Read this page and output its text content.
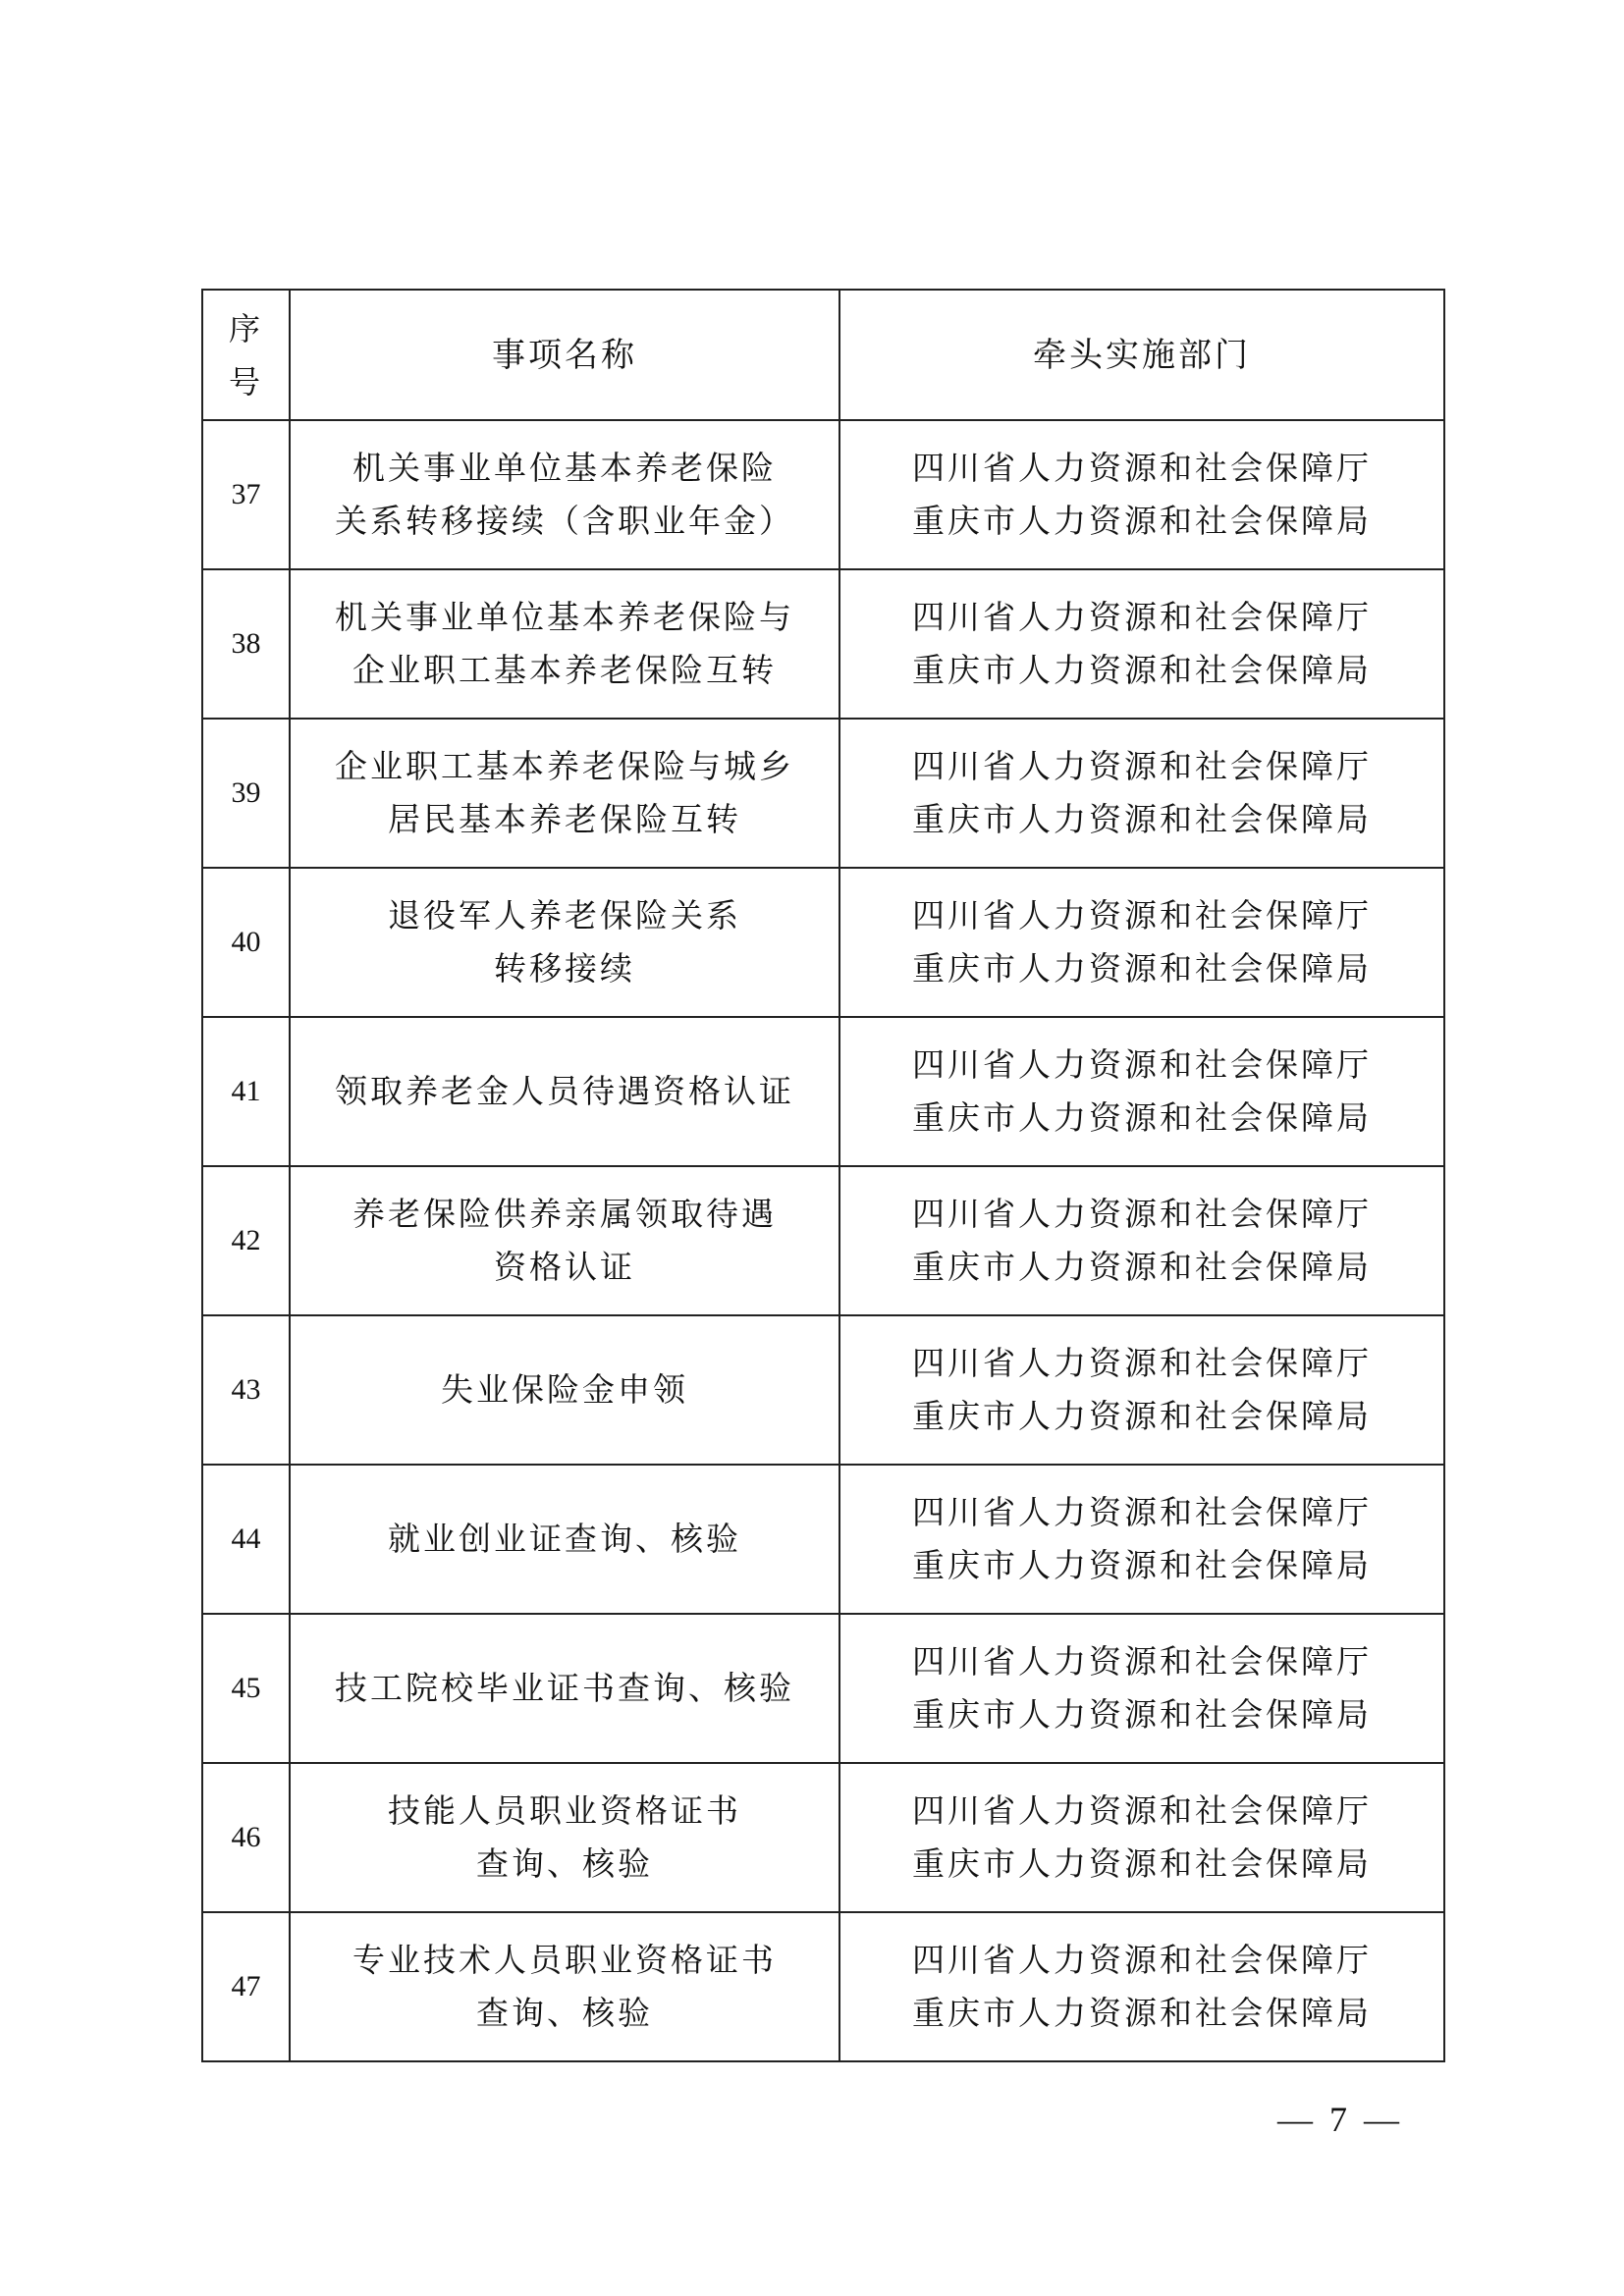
序
号	事项名称	牵头实施部门
37	机关事业单位基本养老保险
关系转移接续（含职业年金）	四川省人力资源和社会保障厅
重庆市人力资源和社会保障局

38	机关事业单位基本养老保险与
企业职工基本养老保险互转	四川省人力资源和社会保障厅
重庆市人力资源和社会保障局

39	企业职工基本养老保险与城乡
居民基本养老保险互转	四川省人力资源和社会保障厅
重庆市人力资源和社会保障局

40	退役军人养老保险关系
转移接续	四川省人力资源和社会保障厅
重庆市人力资源和社会保障局

41	领取养老金人员待遇资格认证	四川省人力资源和社会保障厅
重庆市人力资源和社会保障局

42	养老保险供养亲属领取待遇
资格认证	四川省人力资源和社会保障厅
重庆市人力资源和社会保障局

43	失业保险金申领	四川省人力资源和社会保障厅
重庆市人力资源和社会保障局

44	就业创业证查询、核验	四川省人力资源和社会保障厅
重庆市人力资源和社会保障局

45	技工院校毕业证书查询、核验	四川省人力资源和社会保障厅
重庆市人力资源和社会保障局

46	技能人员职业资格证书
查询、核验	四川省人力资源和社会保障厅
重庆市人力资源和社会保障局

47	专业技术人员职业资格证书
查询、核验	四川省人力资源和社会保障厅
重庆市人力资源和社会保障局
— 7 —
